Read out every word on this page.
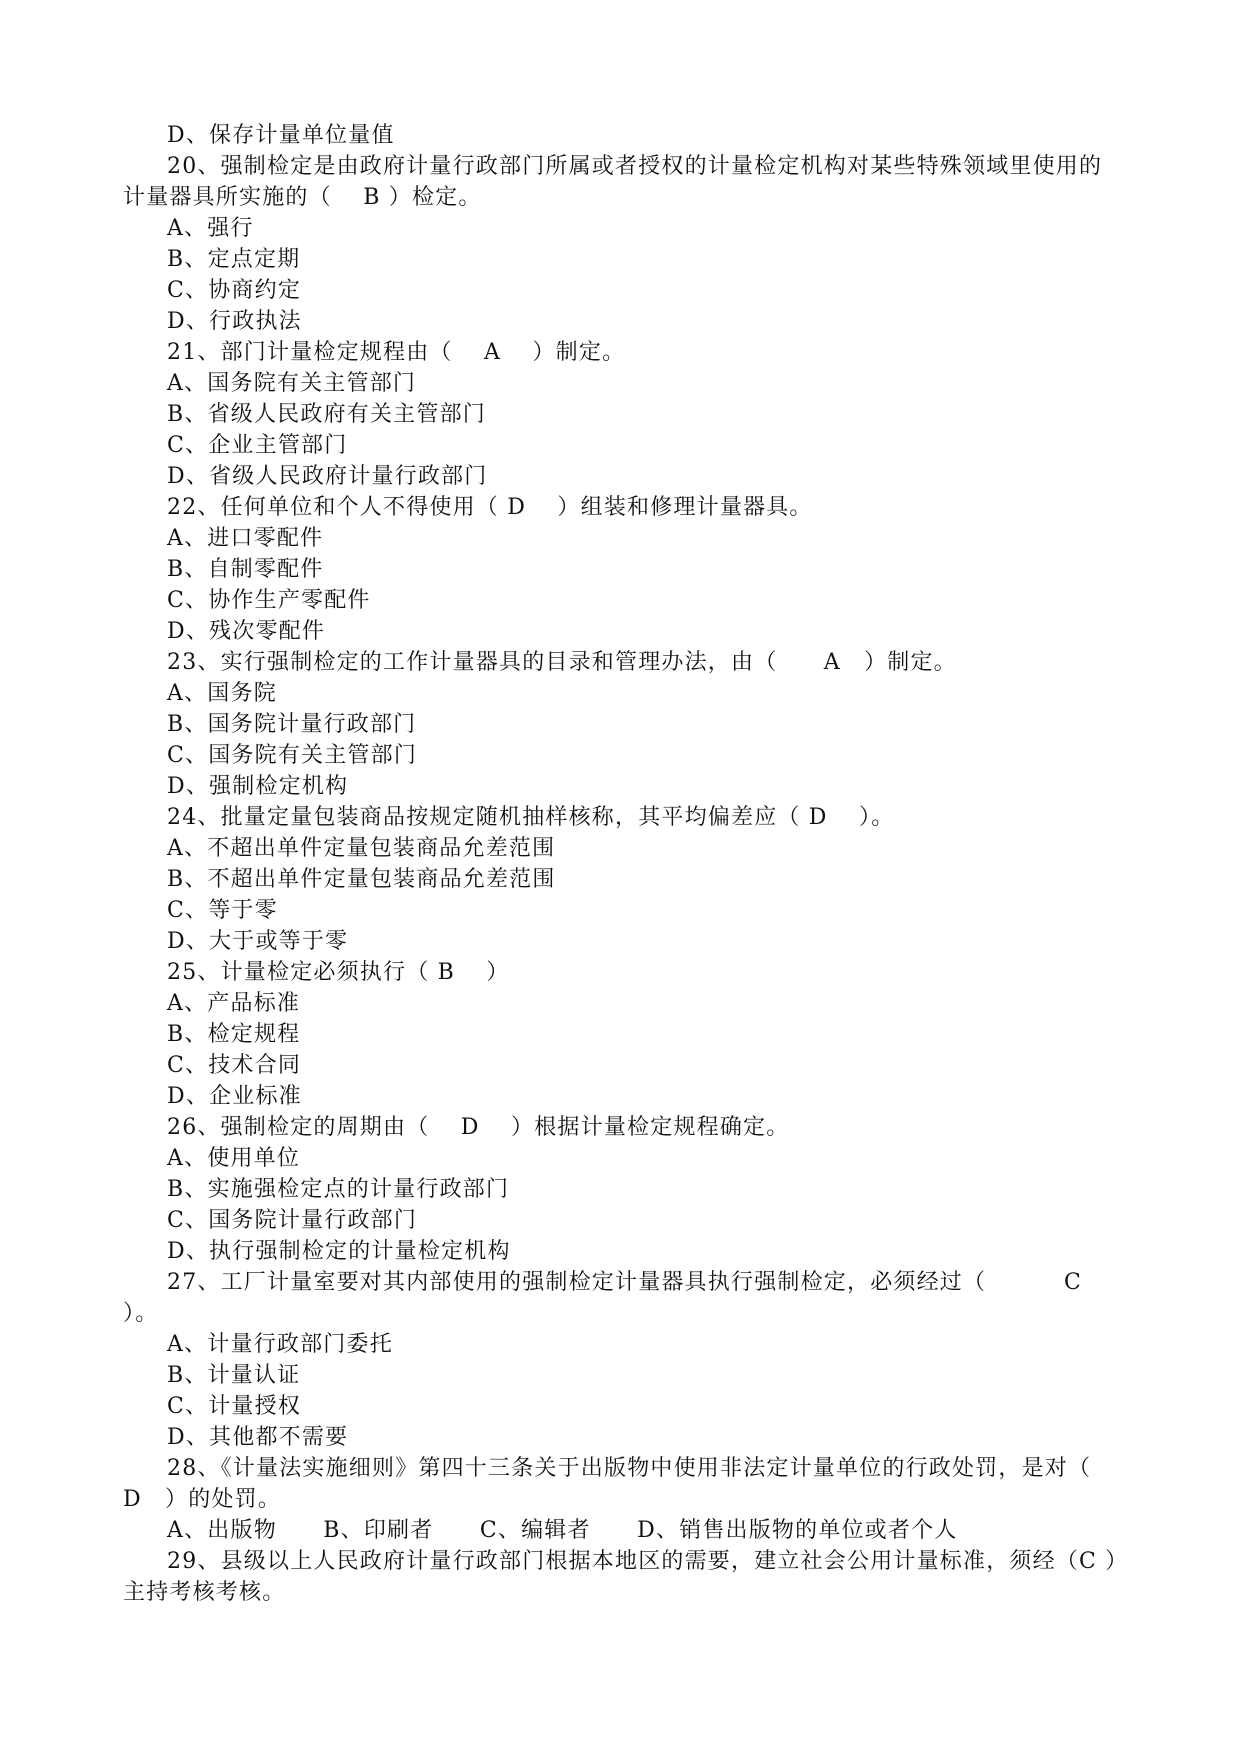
D、保存计量单位量值

20、强制检定是由政府计量行政部门所属或者授权的计量检定机构对某些特殊领域里使用的计量器具所实施的（　 B ）检定。

A、强行

B、定点定期

C、协商约定

D、行政执法

21、部门计量检定规程由（　 A　 ）制定。

A、国务院有关主管部门

B、省级人民政府有关主管部门

C、企业主管部门

D、省级人民政府计量行政部门

22、任何单位和个人不得使用（ D　 ）组装和修理计量器具。

A、进口零配件

B、自制零配件

C、协作生产零配件

D、残次零配件

23、实行强制检定的工作计量器具的目录和管理办法，由（　　A　）制定。

A、国务院

B、国务院计量行政部门

C、国务院有关主管部门

D、强制检定机构

24、批量定量包装商品按规定随机抽样核称，其平均偏差应（ D　 ）。

A、不超出单件定量包装商品允差范围

B、不超出单件定量包装商品允差范围

C、等于零

D、大于或等于零

25、计量检定必须执行（ B　 ）

A、产品标准

B、检定规程

C、技术合同

D、企业标准

26、强制检定的周期由（　 D　 ）根据计量检定规程确定。

A、使用单位

B、实施强检定点的计量行政部门

C、国务院计量行政部门

D、执行强制检定的计量检定机构

27、工厂计量室要对其内部使用的强制检定计量器具执行强制检定，必须经过（　　　 C ）。

A、计量行政部门委托

B、计量认证

C、计量授权

D、其他都不需要

28、《计量法实施细则》第四十三条关于出版物中使用非法定计量单位的行政处罚，是对（　D　）的处罚。

A、出版物　　B、印刷者　　C、编辑者　　D、销售出版物的单位或者个人

29、县级以上人民政府计量行政部门根据本地区的需要，建立社会公用计量标准，须经（C ）主持考核考核。
